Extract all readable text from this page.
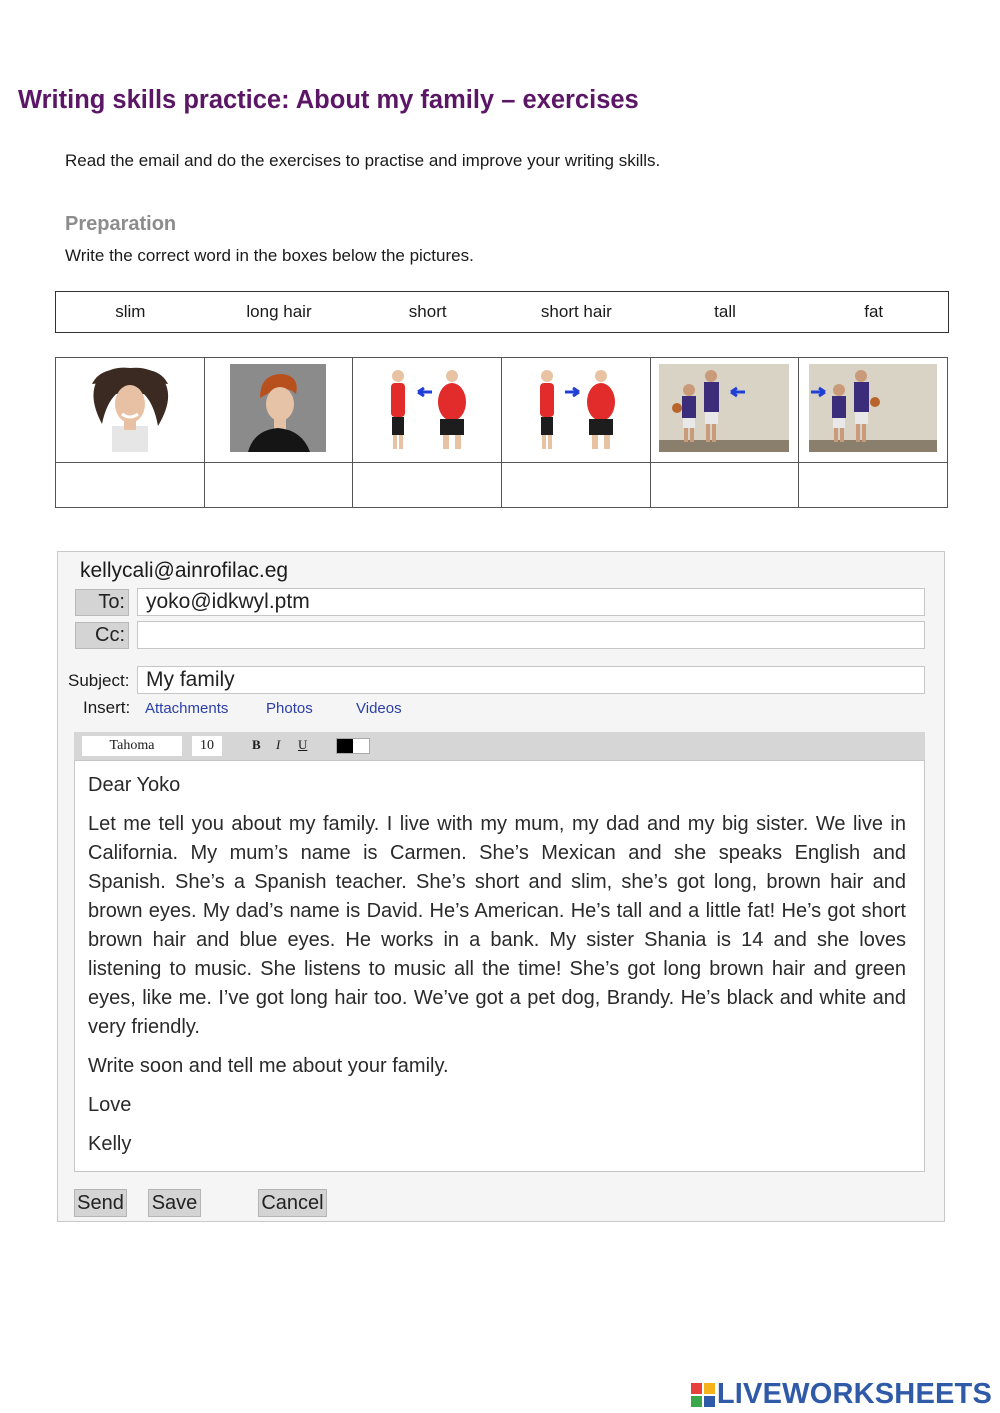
Writing skills practice: About my family – exercises
Read the email and do the exercises to practise and improve your writing skills.
Preparation
Write the correct word in the boxes below the pictures.
slim	long hair	short	short hair	tall	fat

kellycali@ainrofilac.eg
To:	yoko@idkwyl.ptm
Cc:
Subject: My family
Insert: Attachments	Photos	Videos
Tahoma	10	B I U

Dear Yoko

Let me tell you about my family. I live with my mum, my dad and my big sister. We live in California. My mum’s name is Carmen. She’s Mexican and she speaks English and Spanish. She’s a Spanish teacher. She’s short and slim, she’s got long, brown hair and brown eyes. My dad’s name is David. He’s American. He’s tall and a little fat! He’s got short brown hair and blue eyes. He works in a bank. My sister Shania is 14 and she loves listening to music. She listens to music all the time! She’s got long brown hair and green eyes, like me. I’ve got long hair too. We’ve got a pet dog, Brandy. He’s black and white and very friendly.

Write soon and tell me about your family.

Love

Kelly

Send Save	Cancel
LIVEWORKSHEETS
